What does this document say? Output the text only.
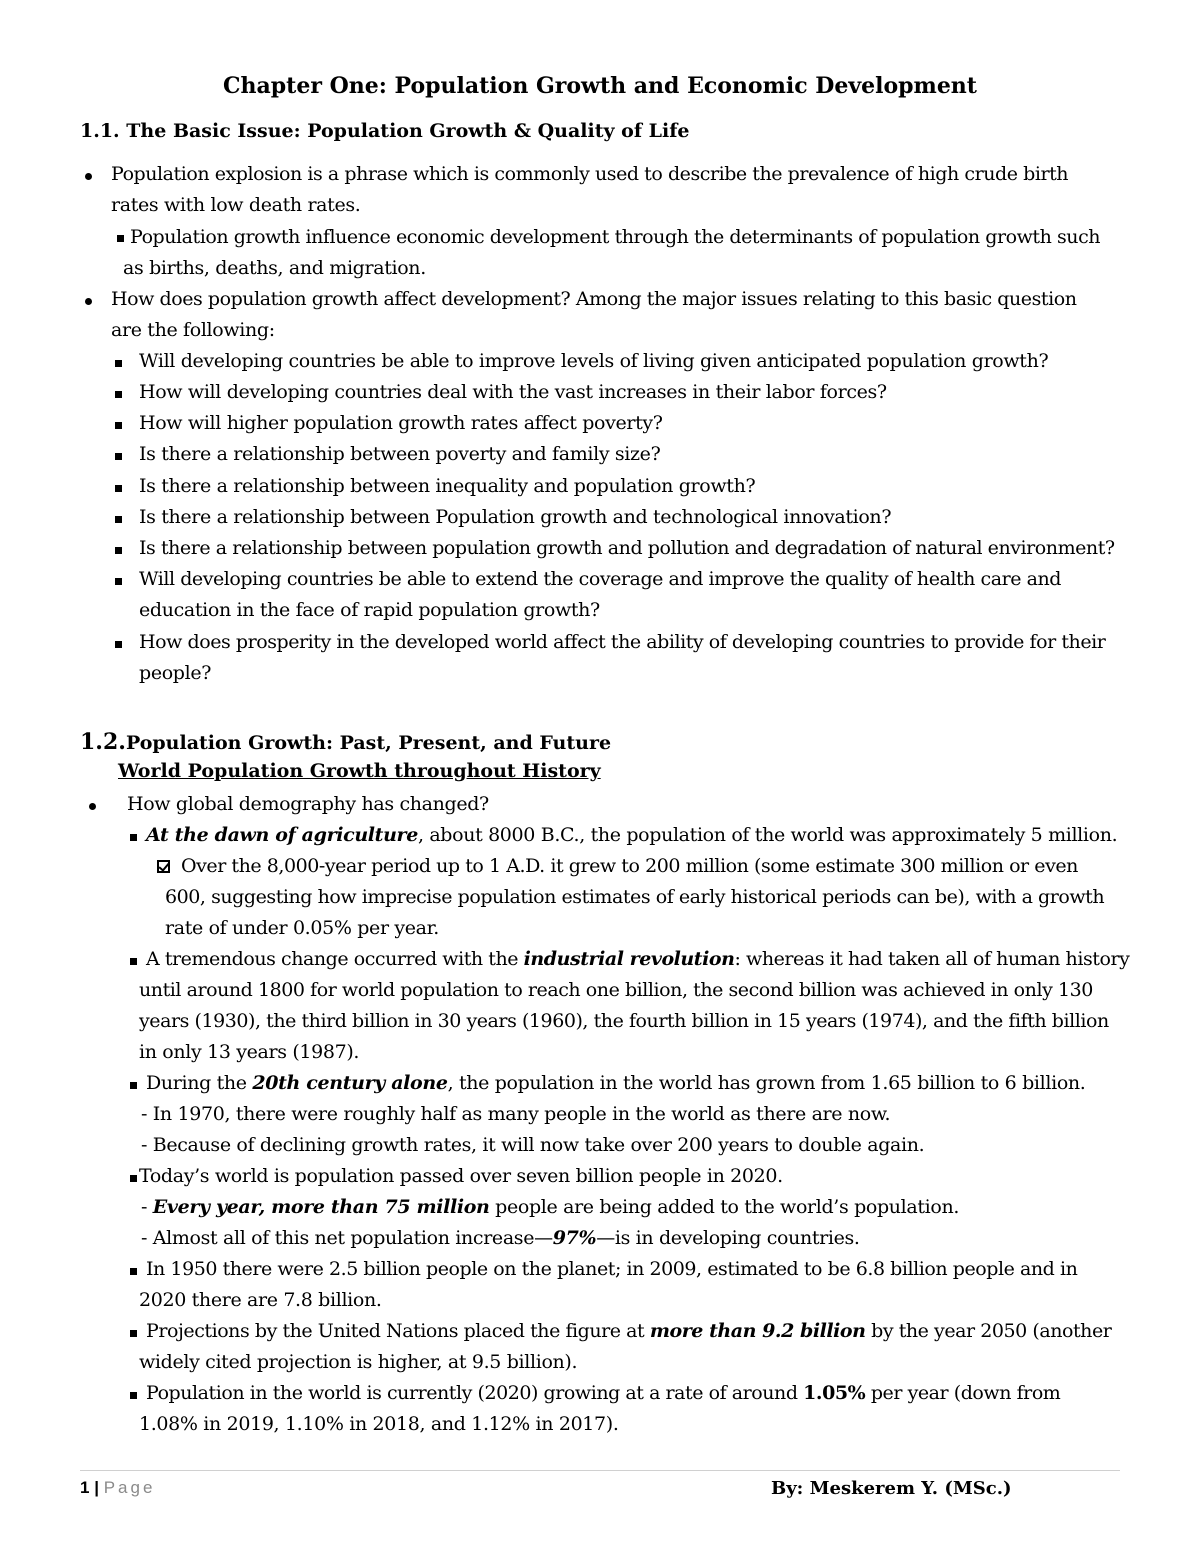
Chapter One: Population Growth and Economic Development
1.1. The Basic Issue: Population Growth & Quality of Life
Population explosion is a phrase which is commonly used to describe the prevalence of high crude birth
rates with low death rates.
Population growth influence economic development through the determinants of population growth such
as births, deaths, and migration.
How does population growth affect development? Among the major issues relating to this basic question
are the following:
Will developing countries be able to improve levels of living given anticipated population growth?
How will developing countries deal with the vast increases in their labor forces?
How will higher population growth rates affect poverty?
Is there a relationship between poverty and family size?
Is there a relationship between inequality and population growth?
Is there a relationship between Population growth and technological innovation?
Is there a relationship between population growth and pollution and degradation of natural environment?
Will developing countries be able to extend the coverage and improve the quality of health care and
education in the face of rapid population growth?
How does prosperity in the developed world affect the ability of developing countries to provide for their
people?
1.2.Population Growth: Past, Present, and Future
World Population Growth throughout History
How global demography has changed?
At the dawn of agriculture, about 8000 B.C., the population of the world was approximately 5 million.
Over the 8,000-year period up to 1 A.D. it grew to 200 million (some estimate 300 million or even
600, suggesting how imprecise population estimates of early historical periods can be), with a growth
rate of under 0.05% per year.
A tremendous change occurred with the industrial revolution: whereas it had taken all of human history
until around 1800 for world population to reach one billion, the second billion was achieved in only 130
years (1930), the third billion in 30 years (1960), the fourth billion in 15 years (1974), and the fifth billion
in only 13 years (1987).
During the 20th century alone, the population in the world has grown from 1.65 billion to 6 billion.
- In 1970, there were roughly half as many people in the world as there are now.
- Because of declining growth rates, it will now take over 200 years to double again.
Today’s world is population passed over seven billion people in 2020.
- Every year, more than 75 million people are being added to the world’s population.
- Almost all of this net population increase—97%—is in developing countries.
In 1950 there were 2.5 billion people on the planet; in 2009, estimated to be 6.8 billion people and in
2020 there are 7.8 billion.
Projections by the United Nations placed the figure at more than 9.2 billion by the year 2050 (another
widely cited projection is higher, at 9.5 billion).
Population in the world is currently (2020) growing at a rate of around 1.05% per year (down from
1.08% in 2019, 1.10% in 2018, and 1.12% in 2017).
1 | Page	By: Meskerem Y. (MSc.)
